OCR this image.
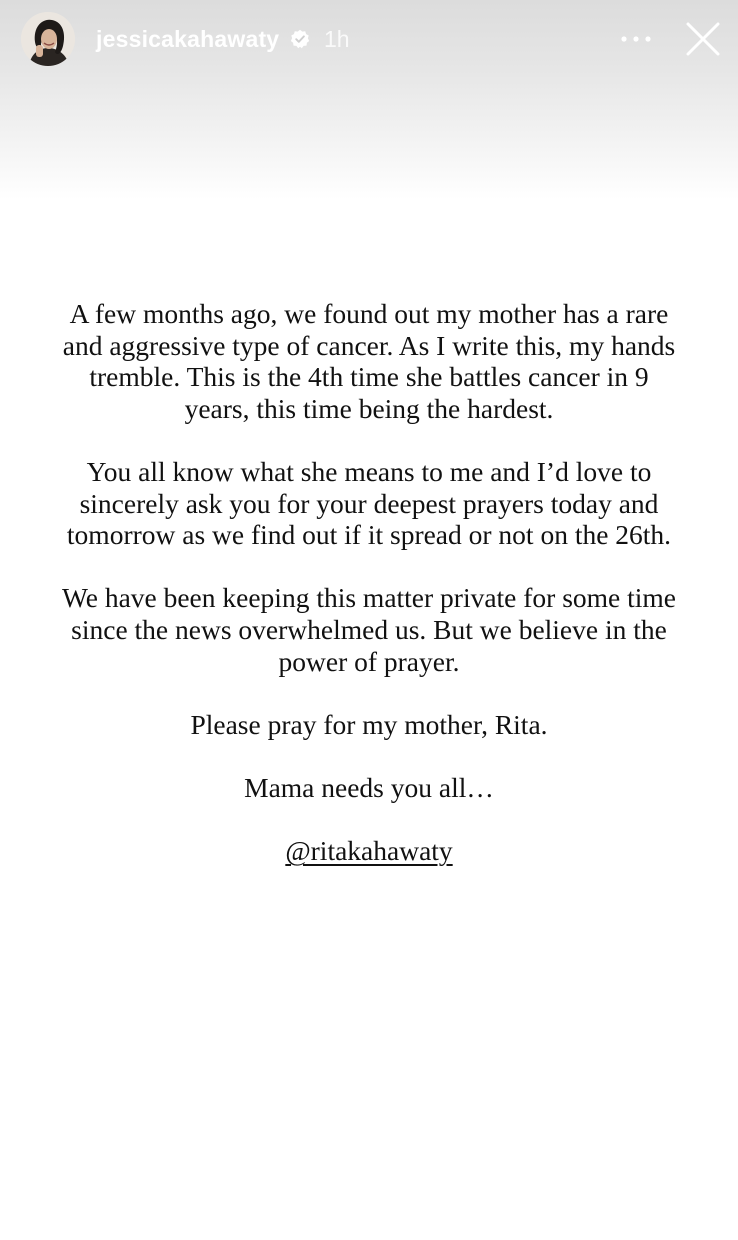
jessicakahawaty 1h

A few months ago, we found out my mother has a rare and aggressive type of cancer. As I write this, my hands tremble. This is the 4th time she battles cancer in 9 years, this time being the hardest.

You all know what she means to me and I’d love to sincerely ask you for your deepest prayers today and tomorrow as we find out if it spread or not on the 26th.

We have been keeping this matter private for some time since the news overwhelmed us. But we believe in the power of prayer.

Please pray for my mother, Rita.

Mama needs you all…

@ritakahawaty
